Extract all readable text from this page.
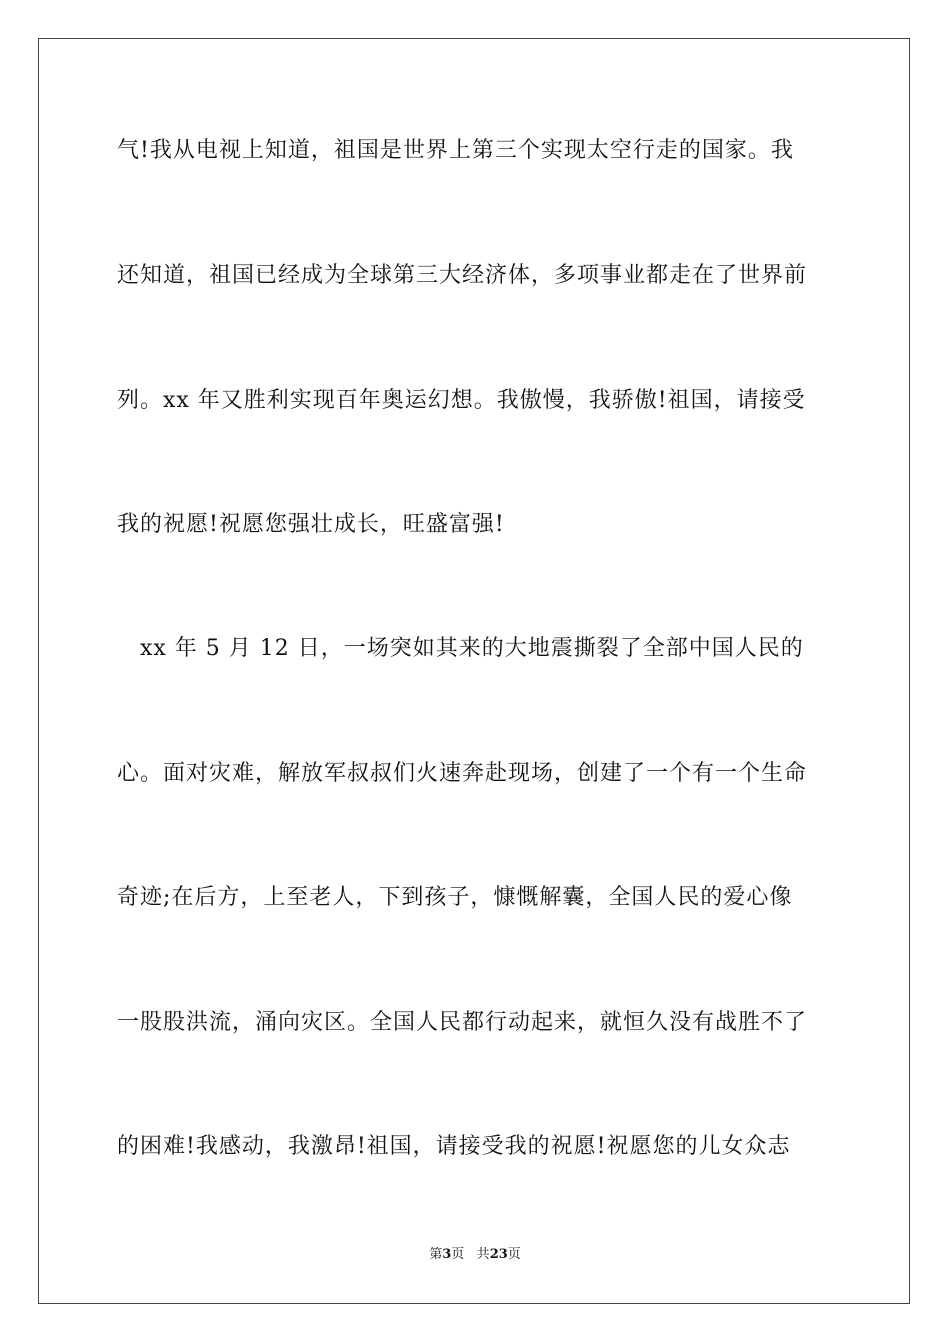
气!我从电视上知道，祖国是世界上第三个实现太空行走的国家。我
还知道，祖国已经成为全球第三大经济体，多项事业都走在了世界前
列。xx 年又胜利实现百年奥运幻想。我傲慢，我骄傲!祖国，请接受
我的祝愿!祝愿您强壮成长，旺盛富强!
　xx 年 5 月 12 日，一场突如其来的大地震撕裂了全部中国人民的
心。面对灾难，解放军叔叔们火速奔赴现场，创建了一个有一个生命
奇迹;在后方，上至老人，下到孩子，慷慨解囊，全国人民的爱心像
一股股洪流，涌向灾区。全国人民都行动起来，就恒久没有战胜不了
的困难!我感动，我激昂!祖国，请接受我的祝愿!祝愿您的儿女众志
第3页 共23页
